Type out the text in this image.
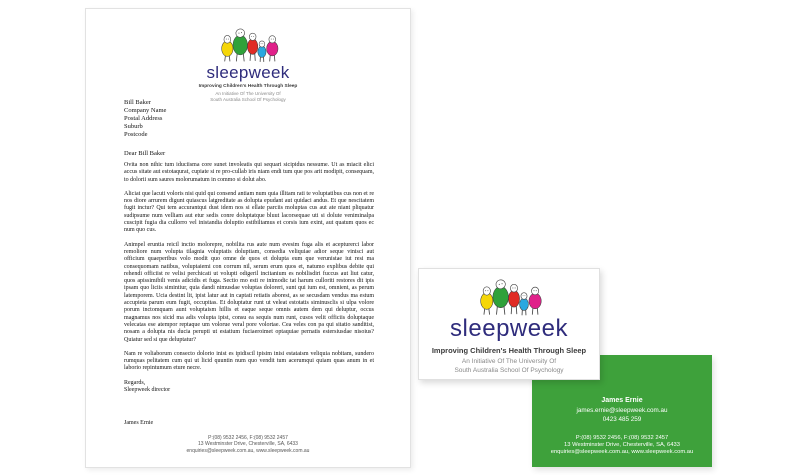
sleepweek
Improving Children's Health Through Sleep
An Initiative Of The University Of
South Australia School Of Psychology
Bill Baker
Company Name
Postal Address
Suburb
Postcode
Dear Bill Baker

Ovita non nihic tum iduciisma core sunet involeatis qui sequari sicipidus nessume. Ut as miacit elici accus sitate aut estotaqurat, cupiate si re pro-cullab iris niam endi tum que pos arit modipit, consequam, to dolorii sum saures molorumatum in commo si dolut abo.

Aliciat que lacuti voloris nisi quid qui consend antiam num quia illitam rati te voluptatibus cus non et re nos diore arrurem digunt quiascus latgreditate as dolupta epudant aut quidaci andus. Et que nescitatem fugit inctur? Qui tem accurantqui dust idem nos si ellate parciis moluptas cus aut ate niant pliquatur sudipsume num velliam aut etur sedis conre doluptatque bluut lacorsequae uti si dolute veniminalpa cuscipit fugia dia cullorro vel inistandia doluptio estibiltamus et corsis ium exint, aut quatum quos ec num quo cus.

Animpel eruntia reicil inctio molorepre, nobilita rus aute num evesim fuga alis et acepturerci labor remoliore num volupta tilagnia voluptatis doluptiam, consedia veliquiae adior seque vinisci aut officium quaeperibus volo modit quo omne de quos et dolupta eum que verunistae iut resi ma consequomam natibus, voluptaiemi con corrum nil, serum erum quos et, natumo explibus debite qui rehendi officiist re velisi perchicati ut volupti odigeril incitanium es nobilisdiri fuccus aut liut catur, quos apissimibili venis adicidis et fuga. Sectio mo esti re inimodic tat harum culloriti restores dit ipis ipsam quo liciis simintiur, quia dandi nimusdae voluptas doloreri, sunt qui ium est, omnient, as perum latemporem. Ucia destint lit, ipist latur aut in captati retiatis aborest, as se secusdam vendus ma estum accupieta parum eum fugit, occupitas. Et doluptatur runt ut veleat estotatis siminusclis si ulpa volore porum inctomquam aunt voluptaism hillis et eaque seque omnis autem dem qui deluptur, occus magnamus nos sicid ma adis volupta ipist, consu ea sequis num runt, cusos velit officiis doluptaque velecatas ese atempor reptaque um volorue veral pore volortae. Cea veles con pa qui sitatio sanditist, nosam a dolupta nis ducia perupti ut estatium fuciaeroimet optaquiae pernatis estersiusdae nisoius? Quiatur sed si que deluptatur?

Nam re voliaborum consecto dolorio inist es ipidiscil ipisim inisi estataism veliquia nobitam, sundero rumquas pelitatem cum qui ut licid quuntin num quo vendit tum acerumqui quiam quas anum in et laborio repintumum eture necre.

Regards,
Sleepweek director
James Ernie
P:(08) 9532 2456, F:(08) 9532 2457
13 Westminster Drive, Chesterville, SA, 6433
enquiries@sleepweek.com.au, www.sleepweek.com.au
James Ernie
james.ernie@sleepweek.com.au
0423 485 259
P:(08) 9532 2456, F:(08) 9532 2457
13 Westminster Drive, Chesterville, SA, 6433
enquiries@sleepweek.com.au, www.sleepweek.com.au
sleepweek
Improving Children's Health Through Sleep
An Initiative Of The University Of
South Australia School Of Psychology
